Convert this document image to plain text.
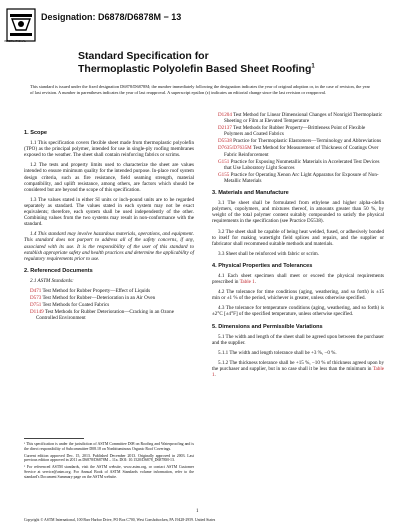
INTERNATIONAL
Designation: D6878/D6878M − 13
Standard Specification for
Thermoplastic Polyolefin Based Sheet Roofing$^1$
This standard is issued under the fixed designation D6878/D6878M; the number immediately following the designation indicates the year of original adoption or, in the case of revision, the year of last revision. A number in parentheses indicates the year of last reapproval. A superscript epsilon (ε) indicates an editorial change since the last revision or reapproval.
1. Scope

1.1 This specification covers flexible sheet made from thermoplastic polyolefin (TPO) as the principal polymer, intended for use in single-ply roofing membranes exposed to the weather. The sheet shall contain reinforcing fabrics or scrims.

1.2 The tests and property limits used to characterize the sheet are values intended to ensure minimum quality for the intended purpose. In-place roof system design criteria, such as fire resistance, field seaming strength, material compatibility, and uplift resistance, among others, are factors which should be considered but are beyond the scope of this specification.

1.3 The values stated in either SI units or inch-pound units are to be regarded separately as standard. The values stated in each system may not be exact equivalents; therefore, each system shall be used independently of the other. Combining values from the two systems may result in non-conformance with the standard.

1.4 This standard may involve hazardous materials, operations, and equipment. This standard does not purport to address all of the safety concerns, if any, associated with its use. It is the responsibility of the user of this standard to establish appropriate safety and health practices and determine the applicability of regulatory requirements prior to use.

2. Referenced Documents

2.1 ASTM Standards:

D471 Test Method for Rubber Property—Effect of Liquids
D573 Test Method for Rubber—Deterioration in an Air Oven
D751 Test Methods for Coated Fabrics
D1149 Test Methods for Rubber Deterioration—Cracking in an Ozone Controlled Environment

¹ This specification is under the jurisdiction of ASTM Committee D08 on Roofing and Waterproofing and is the direct responsibility of Subcommittee D08.18 on Nonbituminous Organic Roof Coverings.

Current edition approved Dec. 15, 2013. Published December 2013. Originally approved in 2003. Last previous edition approved in 2011 as D6878/D6878M – 11a. DOI: 10.1520/D6878_D6878M-13.

² For referenced ASTM standards, visit the ASTM website, www.astm.org, or contact ASTM Customer Service at service@astm.org. For Annual Book of ASTM Standards volume information, refer to the standard's Document Summary page on the ASTM website.

D1204 Test Method for Linear Dimensional Changes of Nonrigid Thermoplastic Sheeting or Film at Elevated Temperature
D2137 Test Methods for Rubber Property—Brittleness Point of Flexible Polymers and Coated Fabrics
D5538 Practice for Thermoplastic Elastomers—Terminology and Abbreviations
D7635/D7635M Test Method for Measurement of Thickness of Coatings Over Fabric Reinforcement
G151 Practice for Exposing Nonmetallic Materials in Accelerated Test Devices that Use Laboratory Light Sources
G155 Practice for Operating Xenon Arc Light Apparatus for Exposure of Non-Metallic Materials
3. Materials and Manufacture

3.1 The sheet shall be formulated from ethylene and higher alpha-olefin polymers, copolymers, and mixtures thereof, in amounts greater than 50 %, by weight of the total polymer content suitably compounded to satisfy the physical requirements in the specification (see Practice D5538).

3.2 The sheet shall be capable of being heat welded, fused, or adhesively bonded to itself for making watertight field splices and repairs, and the supplier or fabricator shall recommend suitable methods and materials.

3.3 Sheet shall be reinforced with fabric or scrim.

4. Physical Properties and Tolerances

4.1 Each sheet specimen shall meet or exceed the physical requirements prescribed in Table 1.

4.2 The tolerance for time conditions (aging, weathering, and so forth) is ±15 min or ±1 % of the period, whichever is greater, unless otherwise specified.

4.3 The tolerance for temperature conditions (aging, weathering, and so forth) is ±2°C [±4°F] of the specified temperature, unless otherwise specified.

5. Dimensions and Permissible Variations

5.1 The width and length of the sheet shall be agreed upon between the purchaser and the supplier.

5.1.1 The width and length tolerance shall be +3 %, −0 %.

5.1.2 The thickness tolerance shall be +15 %, −10 % of thickness agreed upon by the purchaser and supplier, but in no case shall it be less than the minimum in Table 1.

1
Copyright © ASTM International, 100 Barr Harbor Drive, PO Box C700, West Conshohocken, PA 19428-2959. United States
